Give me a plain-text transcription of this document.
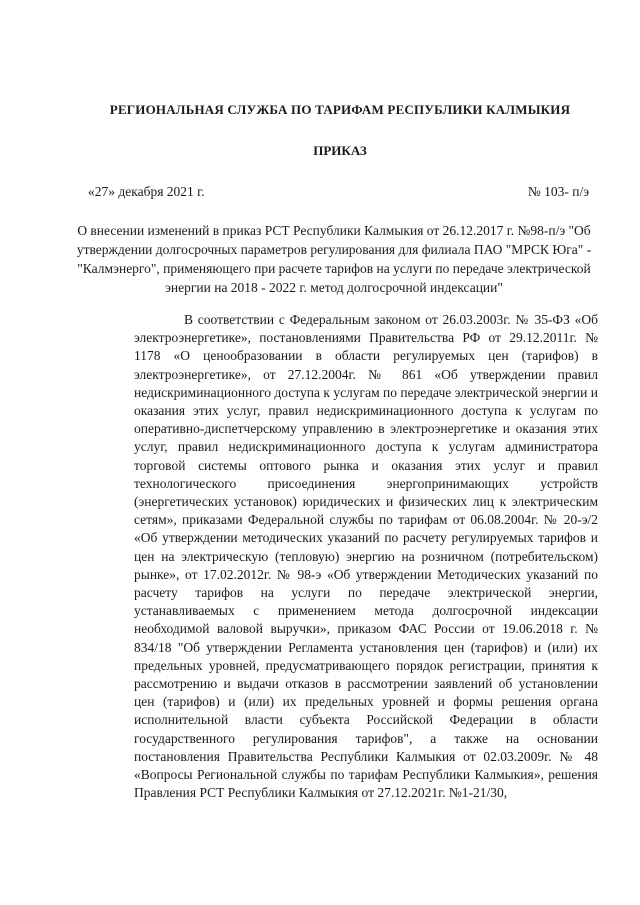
РЕГИОНАЛЬНАЯ СЛУЖБА ПО ТАРИФАМ РЕСПУБЛИКИ КАЛМЫКИЯ
ПРИКАЗ
«27» декабря 2021 г.	№ 103- п/э
О внесении изменений в приказ РСТ Республики Калмыкия от 26.12.2017 г. №98-п/э "Об утверждении долгосрочных параметров регулирования для филиала ПАО "МРСК Юга" - "Калмэнерго", применяющего при расчете тарифов на услуги по передаче электрической энергии на 2018 - 2022 г. метод долгосрочной индексации"

В соответствии с Федеральным законом от 26.03.2003г. № 35-ФЗ «Об электроэнергетике», постановлениями Правительства РФ от 29.12.2011г. № 1178 «О ценообразовании в области регулируемых цен (тарифов) в электроэнергетике», от 27.12.2004г. № 861 «Об утверждении правил недискриминационного доступа к услугам по передаче электрической энергии и оказания этих услуг, правил недискриминационного доступа к услугам по оперативно-диспетчерскому управлению в электроэнергетике и оказания этих услуг, правил недискриминационного доступа к услугам администратора торговой системы оптового рынка и оказания этих услуг и правил технологического присоединения энергопринимающих устройств (энергетических установок) юридических и физических лиц к электрическим сетям», приказами Федеральной службы по тарифам от 06.08.2004г. № 20-э/2 «Об утверждении методических указаний по расчету регулируемых тарифов и цен на электрическую (тепловую) энергию на розничном (потребительском) рынке», от 17.02.2012г. № 98-э «Об утверждении Методических указаний по расчету тарифов на услуги по передаче электрической энергии, устанавливаемых с применением метода долгосрочной индексации необходимой валовой выручки», приказом ФАС России от 19.06.2018 г. № 834/18 "Об утверждении Регламента установления цен (тарифов) и (или) их предельных уровней, предусматривающего порядок регистрации, принятия к рассмотрению и выдачи отказов в рассмотрении заявлений об установлении цен (тарифов) и (или) их предельных уровней и формы решения органа исполнительной власти субъекта Российской Федерации в области государственного регулирования тарифов", а также на основании постановления Правительства Республики Калмыкия от 02.03.2009г. № 48 «Вопросы Региональной службы по тарифам Республики Калмыкия», решения Правления РСТ Республики Калмыкия от 27.12.2021г. №1-21/30,
